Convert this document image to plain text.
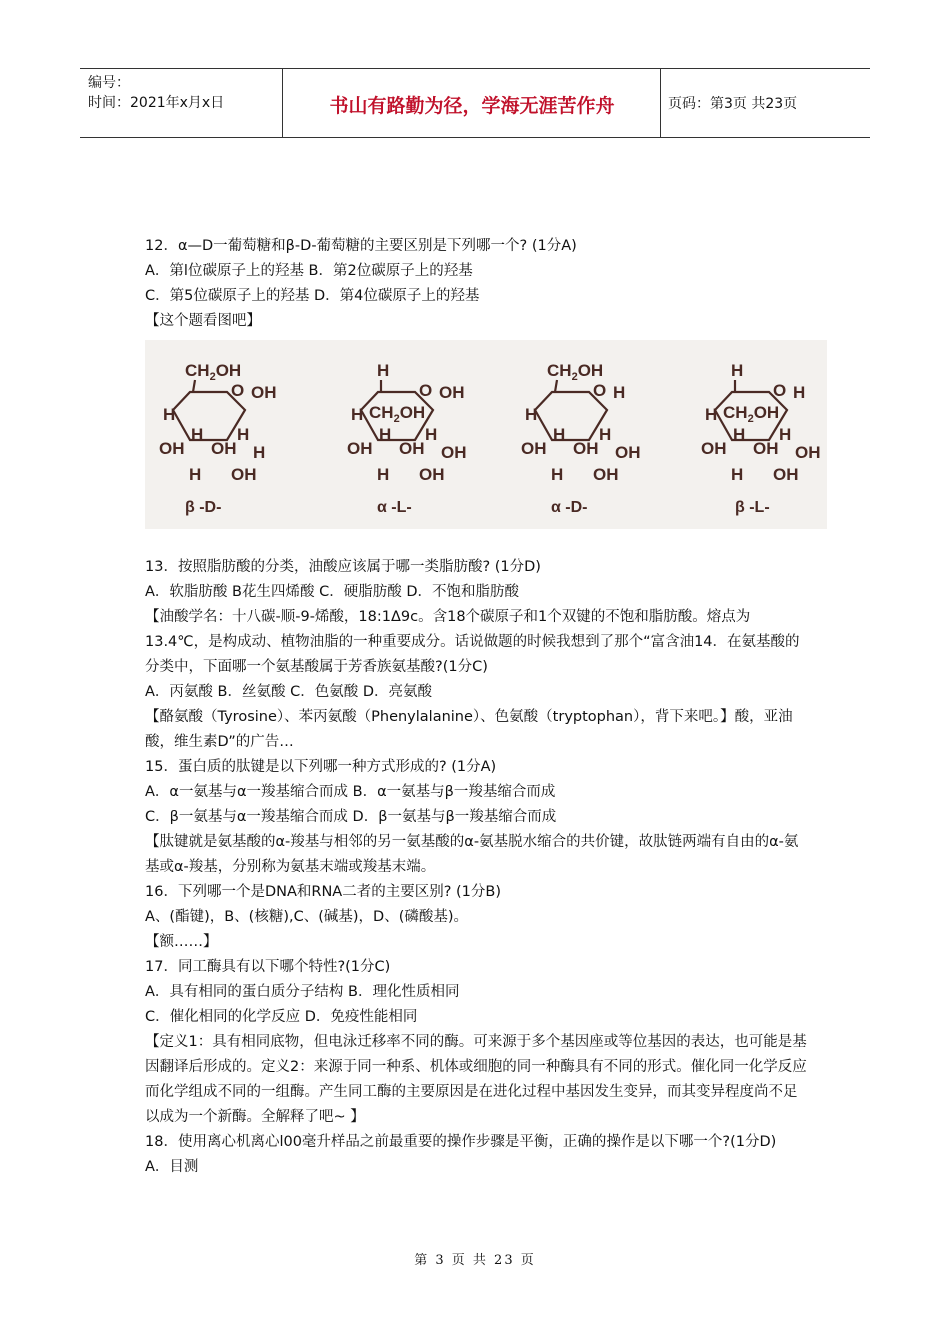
编号：
时间：2021年x月x日	书山有路勤为径，学海无涯苦作舟	页码：第3页 共23页

12．α—D一葡萄糖和β-D-葡萄糖的主要区别是下列哪一个? (1分A)

A．第l位碳原子上的羟基 B．第2位碳原子上的羟基

C．第5位碳原子上的羟基 D．第4位碳原子上的羟基

【这个题看图吧】

$CH_2OH$
O
H
OH
H H
OH OH H
H OH
H
O
H
OH
H H
OH OH OH
H OH
$CH_2OH$
$CH_2OH$
O
H
H
H H
OH OH OH
H OH
H
O
H
H
H H
OH OH OH
H OH
$CH_2OH$
β -D-	α -L-	α -D-	β -L-

13．按照脂肪酸的分类，油酸应该属于哪一类脂肪酸? (1分D)

A．软脂肪酸 B花生四烯酸 C．硬脂肪酸 D．不饱和脂肪酸

【油酸学名：十八碳-顺-9-烯酸，18:1Δ9c。含18个碳原子和1个双键的不饱和脂肪酸。熔点为13.4℃，是构成动、植物油脂的一种重要成分。话说做题的时候我想到了那个“富含油14．在氨基酸的分类中，下面哪一个氨基酸属于芳香族氨基酸?(1分C)

A．丙氨酸 B．丝氨酸 C．色氨酸 D．亮氨酸

【酪氨酸（Tyrosine）、苯丙氨酸（Phenylalanine）、色氨酸（tryptophan），背下来吧。】酸，亚油酸，维生素D”的广告…

15．蛋白质的肽键是以下列哪一种方式形成的? (1分A)

A．α一氨基与α一羧基缩合而成 B．α一氨基与β一羧基缩合而成

C．β一氨基与α一羧基缩合而成 D．β一氨基与β一羧基缩合而成

【肽键就是氨基酸的α-羧基与相邻的另一氨基酸的α-氨基脱水缩合的共价键，故肽链两端有自由的α-氨基或α-羧基，分别称为氨基末端或羧基末端。

16．下列哪一个是DNA和RNA二者的主要区别? (1分B)

A、(酯键)，B、(核糖),C、(碱基)，D、(磷酸基)。

【额……】

17．同工酶具有以下哪个特性?(1分C)

A．具有相同的蛋白质分子结构 B．理化性质相同

C．催化相同的化学反应 D．免疫性能相同

【定义1：具有相同底物，但电泳迁移率不同的酶。可来源于多个基因座或等位基因的表达，也可能是基因翻译后形成的。定义2：来源于同一种系、机体或细胞的同一种酶具有不同的形式。催化同一化学反应而化学组成不同的一组酶。产生同工酶的主要原因是在进化过程中基因发生变异，而其变异程度尚不足以成为一个新酶。全解释了吧~ 】

18．使用离心机离心l00毫升样品之前最重要的操作步骤是平衡，正确的操作是以下哪一个?(1分D)

A．目测

第 3 页 共 23 页
